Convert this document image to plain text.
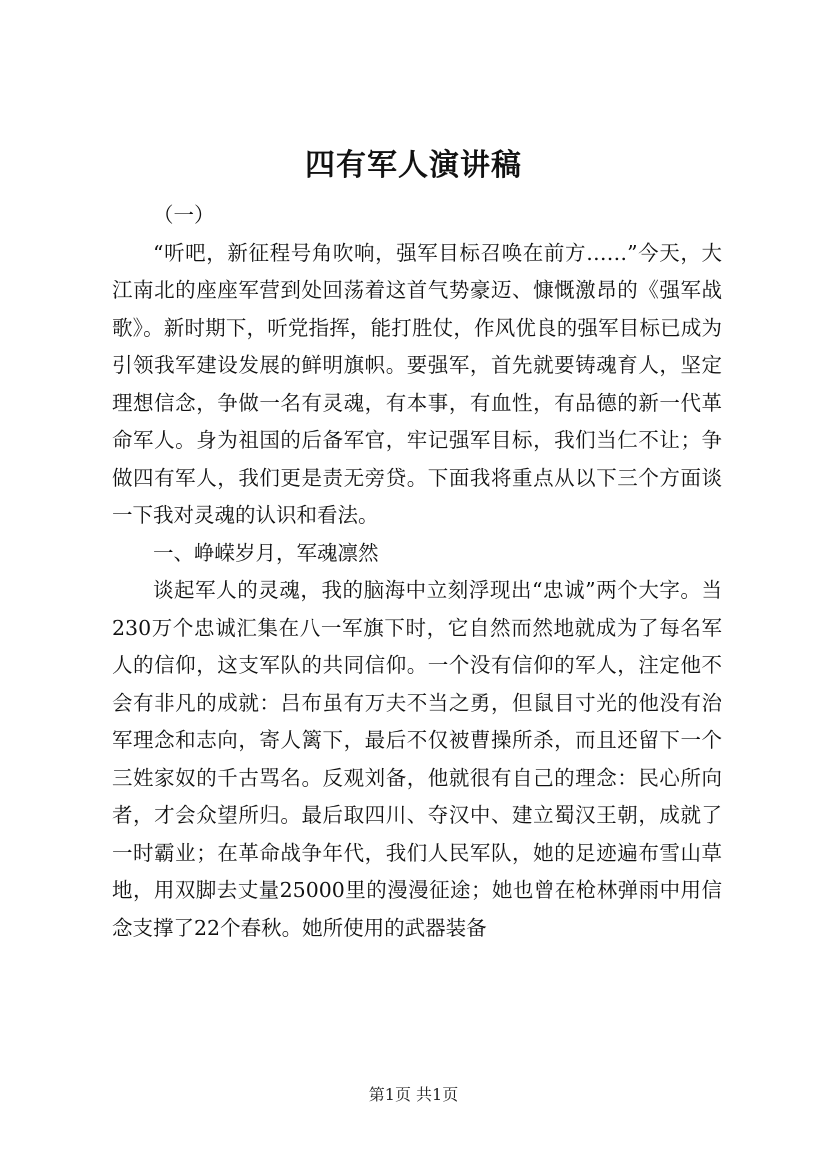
四有军人演讲稿

（一）

“听吧，新征程号角吹响，强军目标召唤在前方……”今天，大江南北的座座军营到处回荡着这首气势豪迈、慷慨激昂的《强军战歌》。新时期下，听党指挥，能打胜仗，作风优良的强军目标已成为引领我军建设发展的鲜明旗帜。要强军，首先就要铸魂育人，坚定理想信念，争做一名有灵魂，有本事，有血性，有品德的新一代革命军人。身为祖国的后备军官，牢记强军目标，我们当仁不让；争做四有军人，我们更是责无旁贷。下面我将重点从以下三个方面谈一下我对灵魂的认识和看法。

一、峥嵘岁月，军魂凛然

谈起军人的灵魂，我的脑海中立刻浮现出“忠诚”两个大字。当230万个忠诚汇集在八一军旗下时，它自然而然地就成为了每名军人的信仰，这支军队的共同信仰。一个没有信仰的军人，注定他不会有非凡的成就：吕布虽有万夫不当之勇，但鼠目寸光的他没有治军理念和志向，寄人篱下，最后不仅被曹操所杀，而且还留下一个三姓家奴的千古骂名。反观刘备，他就很有自己的理念：民心所向者，才会众望所归。最后取四川、夺汉中、建立蜀汉王朝，成就了一时霸业；在革命战争年代，我们人民军队，她的足迹遍布雪山草地，用双脚去丈量25000里的漫漫征途；她也曾在枪林弹雨中用信念支撑了22个春秋。她所使用的武器装备

第1页 共1页
